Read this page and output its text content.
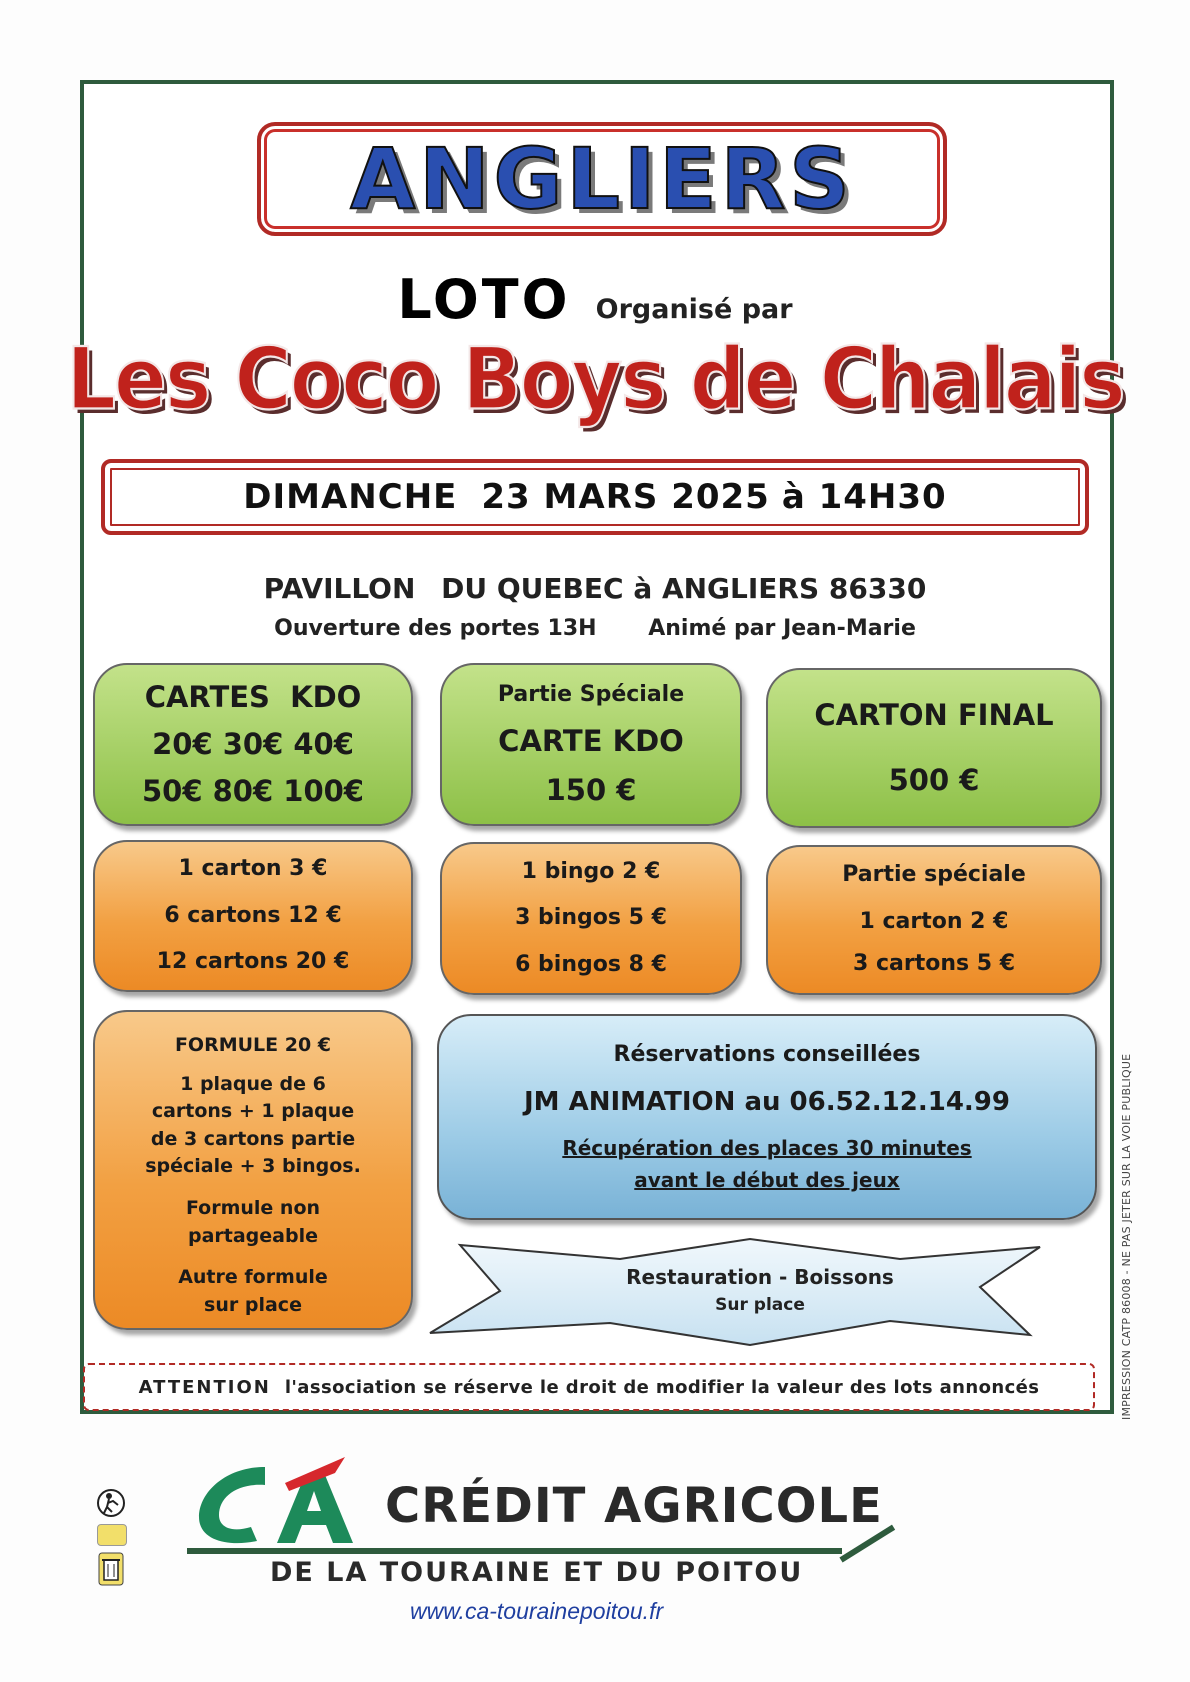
ANGLIERS
LOTO Organisé par
Les Coco Boys de Chalais
DIMANCHE 23 MARS 2025 à 14H30
PAVILLON DU QUEBEC à ANGLIERS 86330
Ouverture des portes 13H Animé par Jean-Marie
CARTES  KDO
20€ 30€ 40€
50€ 80€ 100€
Partie Spéciale
CARTE KDO
150 €
CARTON FINAL
500 €
1 carton 3 €
6 cartons 12 €
12 cartons 20 €
1 bingo 2 €
3 bingos 5 €
6 bingos 8 €
Partie spéciale
1 carton 2 €
3 cartons 5 €
FORMULE 20 €
1 plaque de 6
cartons + 1 plaque
de 3 cartons partie
spéciale + 3 bingos.
Formule non
partageable
Autre formule
sur place
Réservations conseillées
JM ANIMATION au 06.52.12.14.99
Récupération des places 30 minutes
avant le début des jeux
Restauration - Boissons
Sur place
ATTENTION l'association se réserve le droit de modifier la valeur des lots annoncés	IMPRESSION CATP 86008 - NE PAS JETER SUR LA VOIE PUBLIQUE
CRÉDIT AGRICOLE
DE LA TOURAINE ET DU POITOU
www.ca-tourainepoitou.fr
